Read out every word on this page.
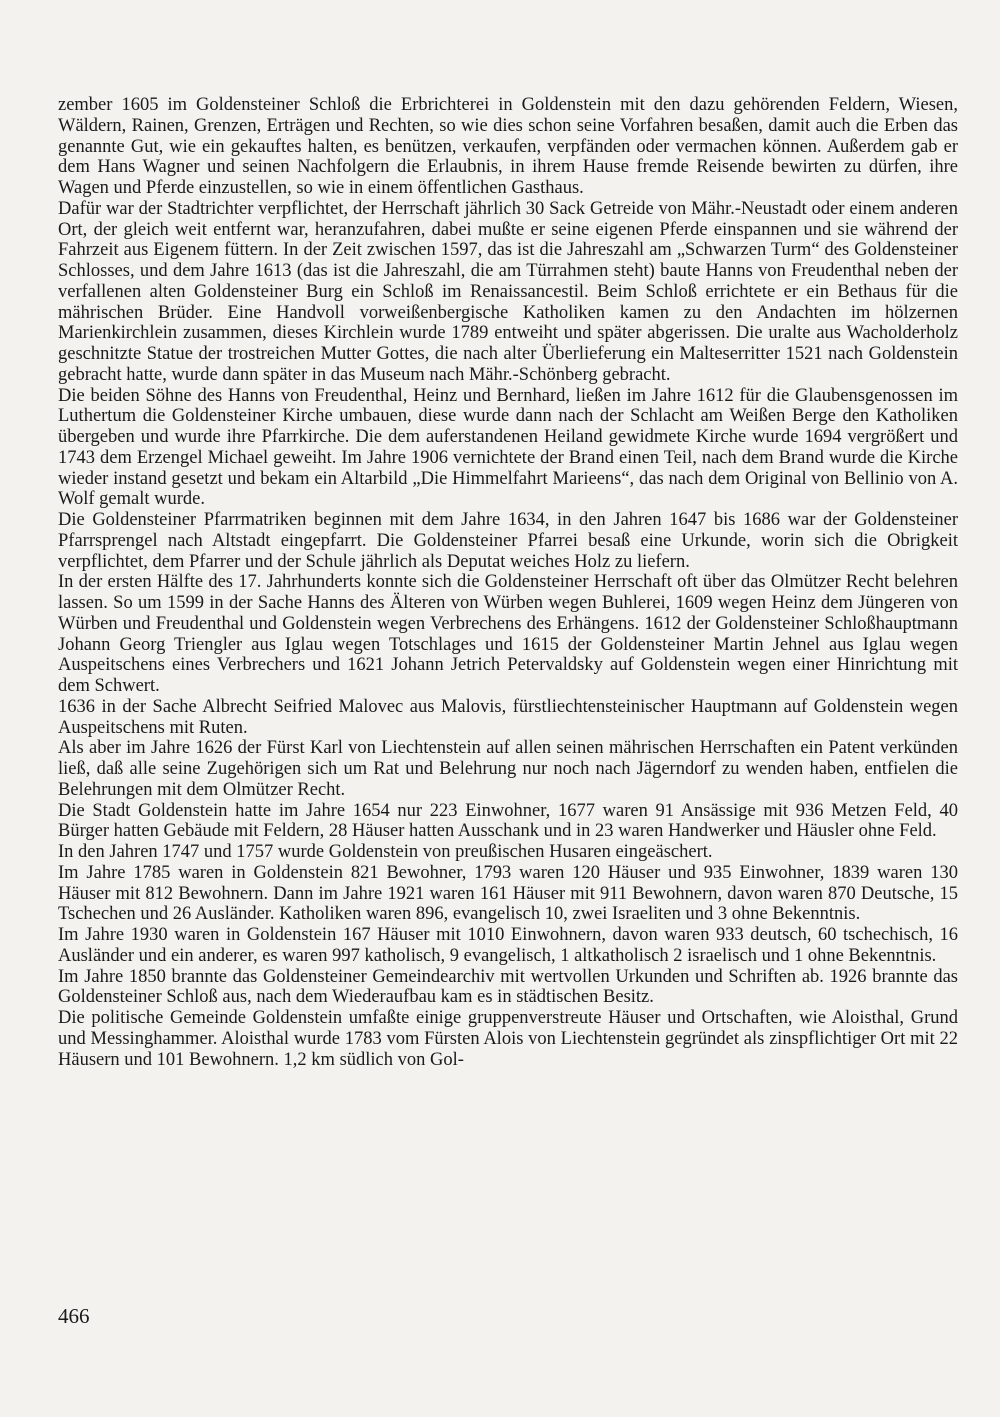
zember 1605 im Goldensteiner Schloß die Erbrichterei in Goldenstein mit den dazu gehörenden Feldern, Wiesen, Wäldern, Rainen, Grenzen, Erträgen und Rechten, so wie dies schon seine Vorfahren besaßen, damit auch die Erben das genannte Gut, wie ein gekauftes halten, es benützen, verkaufen, verpfänden oder vermachen können. Außerdem gab er dem Hans Wagner und seinen Nachfolgern die Erlaubnis, in ihrem Hause fremde Reisende bewirten zu dürfen, ihre Wagen und Pferde einzustellen, so wie in einem öffentlichen Gasthaus.

Dafür war der Stadtrichter verpflichtet, der Herrschaft jährlich 30 Sack Getreide von Mähr.-Neustadt oder einem anderen Ort, der gleich weit entfernt war, heranzufahren, dabei mußte er seine eigenen Pferde einspannen und sie während der Fahrzeit aus Eigenem füttern. In der Zeit zwischen 1597, das ist die Jahreszahl am „Schwarzen Turm“ des Goldensteiner Schlosses, und dem Jahre 1613 (das ist die Jahreszahl, die am Türrahmen steht) baute Hanns von Freudenthal neben der verfallenen alten Goldensteiner Burg ein Schloß im Renaissancestil. Beim Schloß errichtete er ein Bethaus für die mährischen Brüder. Eine Handvoll vorweißenbergische Katholiken kamen zu den Andachten im hölzernen Marienkirchlein zusammen, dieses Kirchlein wurde 1789 entweiht und später abgerissen. Die uralte aus Wacholderholz geschnitzte Statue der trostreichen Mutter Gottes, die nach alter Überlieferung ein Malteserritter 1521 nach Goldenstein gebracht hatte, wurde dann später in das Museum nach Mähr.-Schönberg gebracht.

Die beiden Söhne des Hanns von Freudenthal, Heinz und Bernhard, ließen im Jahre 1612 für die Glaubensgenossen im Luthertum die Goldensteiner Kirche umbauen, diese wurde dann nach der Schlacht am Weißen Berge den Katholiken übergeben und wurde ihre Pfarrkirche. Die dem auferstandenen Heiland gewidmete Kirche wurde 1694 vergrößert und 1743 dem Erzengel Michael geweiht. Im Jahre 1906 vernichtete der Brand einen Teil, nach dem Brand wurde die Kirche wieder instand gesetzt und bekam ein Altarbild „Die Himmelfahrt Marieens“, das nach dem Original von Bellinio von A. Wolf gemalt wurde.

Die Goldensteiner Pfarrmatriken beginnen mit dem Jahre 1634, in den Jahren 1647 bis 1686 war der Goldensteiner Pfarrsprengel nach Altstadt eingepfarrt. Die Goldensteiner Pfarrei besaß eine Urkunde, worin sich die Obrigkeit verpflichtet, dem Pfarrer und der Schule jährlich als Deputat weiches Holz zu liefern.

In der ersten Hälfte des 17. Jahrhunderts konnte sich die Goldensteiner Herrschaft oft über das Olmützer Recht belehren lassen. So um 1599 in der Sache Hanns des Älteren von Würben wegen Buhlerei, 1609 wegen Heinz dem Jüngeren von Würben und Freudenthal und Goldenstein wegen Verbrechens des Erhängens. 1612 der Goldensteiner Schloßhauptmann Johann Georg Triengler aus Iglau wegen Totschlages und 1615 der Goldensteiner Martin Jehnel aus Iglau wegen Auspeitschens eines Verbrechers und 1621 Johann Jetrich Petervaldsky auf Goldenstein wegen einer Hinrichtung mit dem Schwert.

1636 in der Sache Albrecht Seifried Malovec aus Malovis, fürstliechtensteinischer Hauptmann auf Goldenstein wegen Auspeitschens mit Ruten.

Als aber im Jahre 1626 der Fürst Karl von Liechtenstein auf allen seinen mährischen Herrschaften ein Patent verkünden ließ, daß alle seine Zugehörigen sich um Rat und Belehrung nur noch nach Jägerndorf zu wenden haben, entfielen die Belehrungen mit dem Olmützer Recht.

Die Stadt Goldenstein hatte im Jahre 1654 nur 223 Einwohner, 1677 waren 91 Ansässige mit 936 Metzen Feld, 40 Bürger hatten Gebäude mit Feldern, 28 Häuser hatten Ausschank und in 23 waren Handwerker und Häusler ohne Feld.

In den Jahren 1747 und 1757 wurde Goldenstein von preußischen Husaren eingeäschert.

Im Jahre 1785 waren in Goldenstein 821 Bewohner, 1793 waren 120 Häuser und 935 Einwohner, 1839 waren 130 Häuser mit 812 Bewohnern. Dann im Jahre 1921 waren 161 Häuser mit 911 Bewohnern, davon waren 870 Deutsche, 15 Tschechen und 26 Ausländer. Katholiken waren 896, evangelisch 10, zwei Israeliten und 3 ohne Bekenntnis.

Im Jahre 1930 waren in Goldenstein 167 Häuser mit 1010 Einwohnern, davon waren 933 deutsch, 60 tschechisch, 16 Ausländer und ein anderer, es waren 997 katholisch, 9 evangelisch, 1 altkatholisch 2 israelisch und 1 ohne Bekenntnis.

Im Jahre 1850 brannte das Goldensteiner Gemeindearchiv mit wertvollen Urkunden und Schriften ab. 1926 brannte das Goldensteiner Schloß aus, nach dem Wiederaufbau kam es in städtischen Besitz.

Die politische Gemeinde Goldenstein umfaßte einige gruppenverstreute Häuser und Ortschaften, wie Aloisthal, Grund und Messinghammer. Aloisthal wurde 1783 vom Fürsten Alois von Liechtenstein gegründet als zinspflichtiger Ort mit 22 Häusern und 101 Bewohnern. 1,2 km südlich von Gol-

466
